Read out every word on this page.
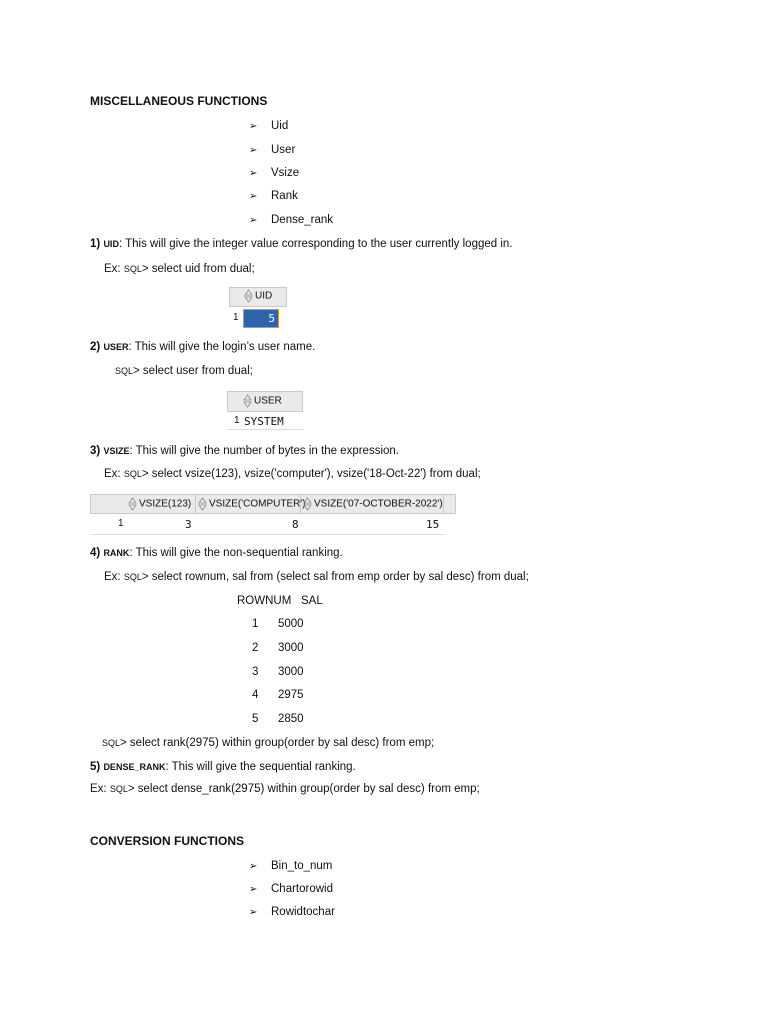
MISCELLANEOUS FUNCTIONS
➢ Uid
➢ User
➢ Vsize
➢ Rank
➢ Dense_rank
1) UID: This will give the integer value corresponding to the user currently logged in.
Ex: SQL> select uid from dual;
UID
1	5
2) USER: This will give the login’s user name.
SQL> select user from dual;
USER
1 SYSTEM
3) VSIZE: This will give the number of bytes in the expression.
Ex: SQL> select vsize(123), vsize('computer'), vsize('18-Oct-22') from dual;
VSIZE(123)	VSIZE('COMPUTER') VSIZE('07-OCTOBER-2022')
1	3	8	15
4) RANK: This will give the non-sequential ranking.
Ex: SQL> select rownum, sal from (select sal from emp order by sal desc) from dual;
ROWNUM SAL
1 5000
2 3000
3 3000
4 2975
5 2850
SQL> select rank(2975) within group(order by sal desc) from emp;
5) DENSE_RANK: This will give the sequential ranking.
Ex: SQL> select dense_rank(2975) within group(order by sal desc) from emp;
CONVERSION FUNCTIONS
➢ Bin_to_num
➢ Chartorowid
➢ Rowidtochar
